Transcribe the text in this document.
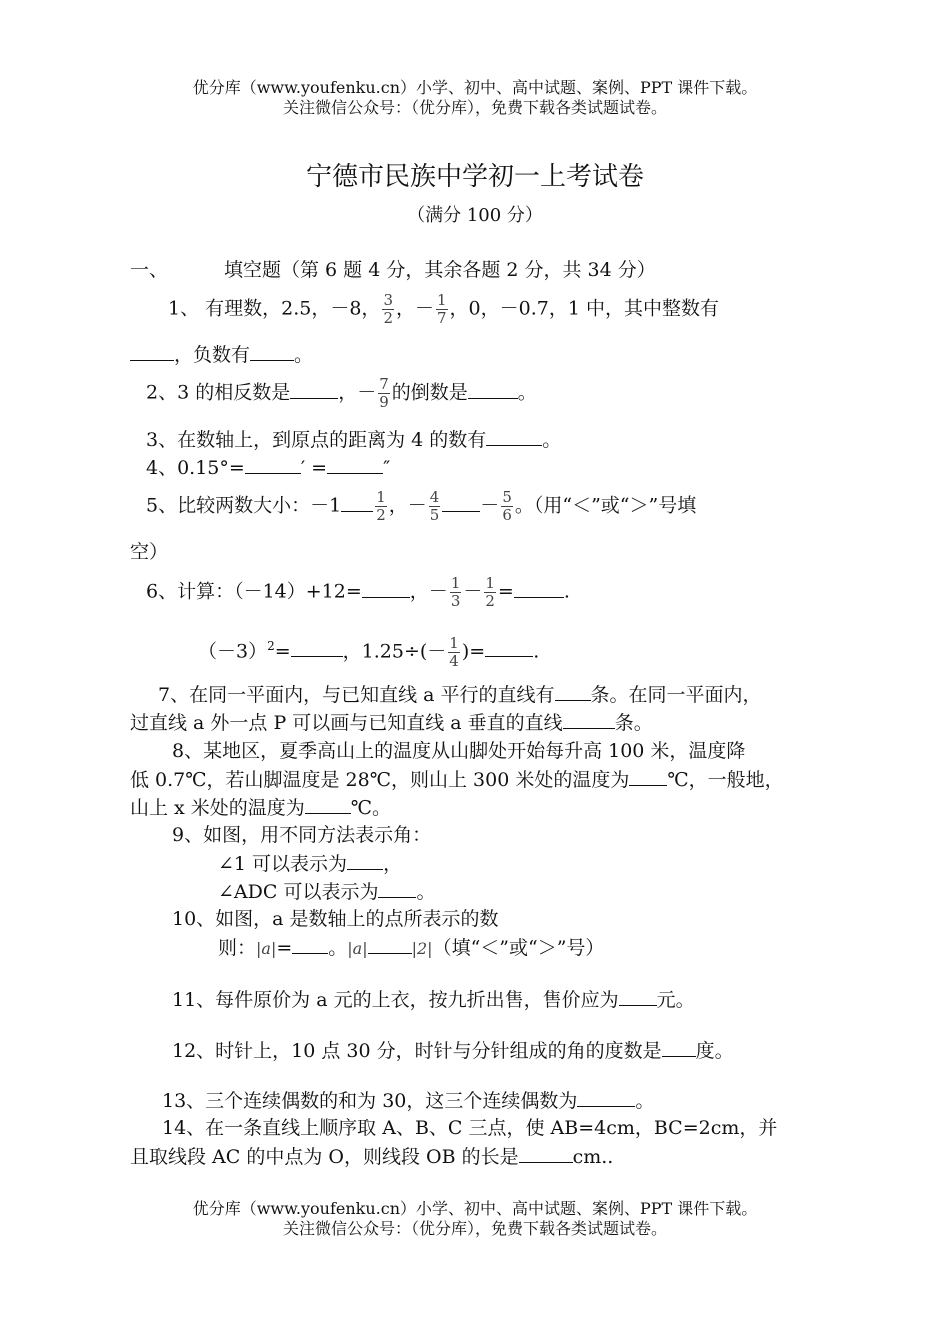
优分库（www.youfenku.cn）小学、初中、高中试题、案例、PPT 课件下载。
关注微信公众号：（优分库），免费下载各类试题试卷。
宁德市民族中学初一上考试卷
（满分 100 分）
一、	填空题（第 6 题 4 分，其余各题 2 分，共 34 分）
1、 有理数，2.5，－8， $\frac{3}{2}$ ，－ $\frac{1}{7}$ ，0，－0.7，1 中，其中整数有
，负数有 。
2、3 的相反数是	，－ $\frac{7}{9}$ 的倒数是	。
3、在数轴上，到原点的距离为 4 的数有	。
4、0.15°=	′ =	″
5、比较两数大小：$-1 \frac{1}{2}$ ，－ $\frac{4}{5} - \frac{5}{6}$ 。（用“＜”或“＞”号填
空）
6、计算：（－14）+12=	，－ $\frac{1}{3} - \frac{1}{2}$ =	.
$(-3)^2=$	，$1.25\div(- \frac{1}{4}$ )=	.
7、在同一平面内，与已知直线 a 平行的直线有 条。在同一平面内，
过直线 a 外一点 P 可以画与已知直线 a 垂直的直线	条。
8、某地区，夏季高山上的温度从山脚处开始每升高 100 米，温度降
低 0.7℃，若山脚温度是 28℃，则山上 300 米处的温度为 ℃，一般地，
山上 x 米处的温度为 ℃。
9、如图，用不同方法表示角：
∠1 可以表示为 ，
∠ADC 可以表示为 。
10、如图，a 是数轴上的点所表示的数
则：|a|= 。|a|	|2|（填“＜”或“＞”号）
11、每件原价为 a 元的上衣，按九折出售，售价应为 元。
12、时针上，10 点 30 分，时针与分针组成的角的度数是 度。
13、三个连续偶数的和为 30，这三个连续偶数为	。
14、在一条直线上顺序取 A、B、C 三点，使 AB=4cm，BC=2cm，并
且取线段 AC 的中点为 O，则线段 OB 的长是	cm..
优分库（www.youfenku.cn）小学、初中、高中试题、案例、PPT 课件下载。
关注微信公众号：（优分库），免费下载各类试题试卷。
